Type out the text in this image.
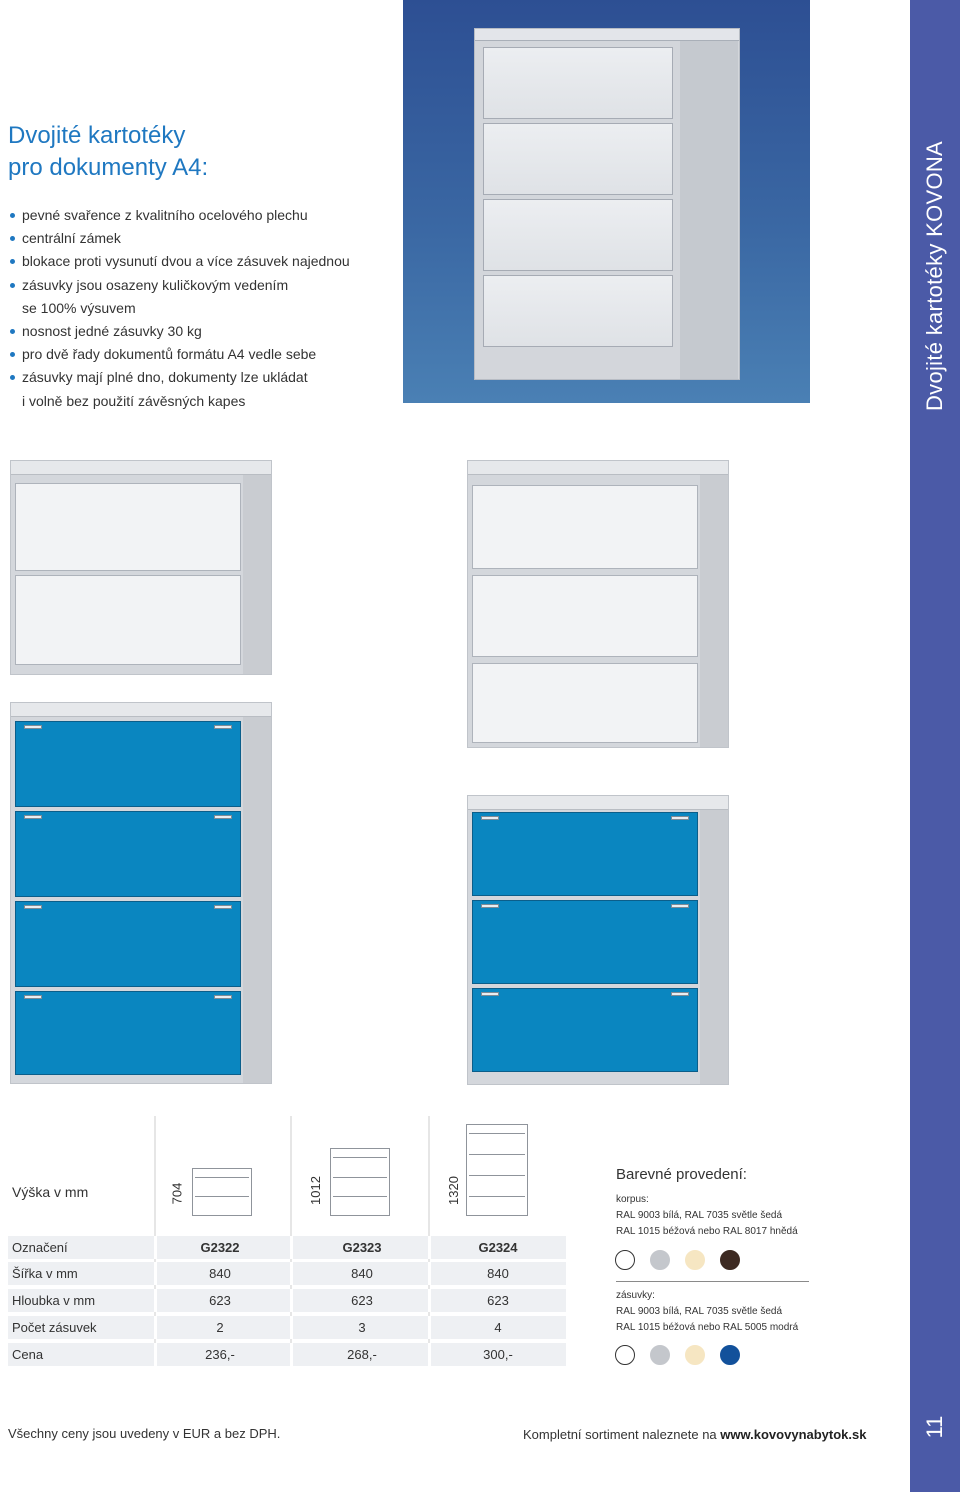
Dvojité kartotéky KOVONA
11
Dvojité kartotéky
pro dokumenty A4:
pevné svařence z kvalitního ocelového plechu
centrální zámek
blokace proti vysunutí dvou a více zásuvek najednou
zásuvky jsou osazeny kuličkovým vedením
se 100% výsuvem
nosnost jedné zásuvky 30 kg
pro dvě řady dokumentů formátu A4 vedle sebe
zásuvky mají plné dno, dokumenty lze ukládat
i volně bez použití závěsných kapes
Výška v mm	704	1012	1320
Označení	G2322	G2323	G2324
Šířka v mm	840	840	840
Hloubka v mm	623	623	623
Počet zásuvek	2	3	4
Cena	236,-	268,-	300,-
Barevné provedení:
korpus:
RAL 9003 bílá, RAL 7035 světle šedá
RAL 1015 béžová nebo RAL 8017 hnědá
zásuvky:
RAL 9003 bílá, RAL 7035 světle šedá
RAL 1015 béžová nebo RAL 5005 modrá
Všechny ceny jsou uvedeny v EUR a bez DPH.	Kompletní sortiment naleznete na www.kovovynabytok.sk
